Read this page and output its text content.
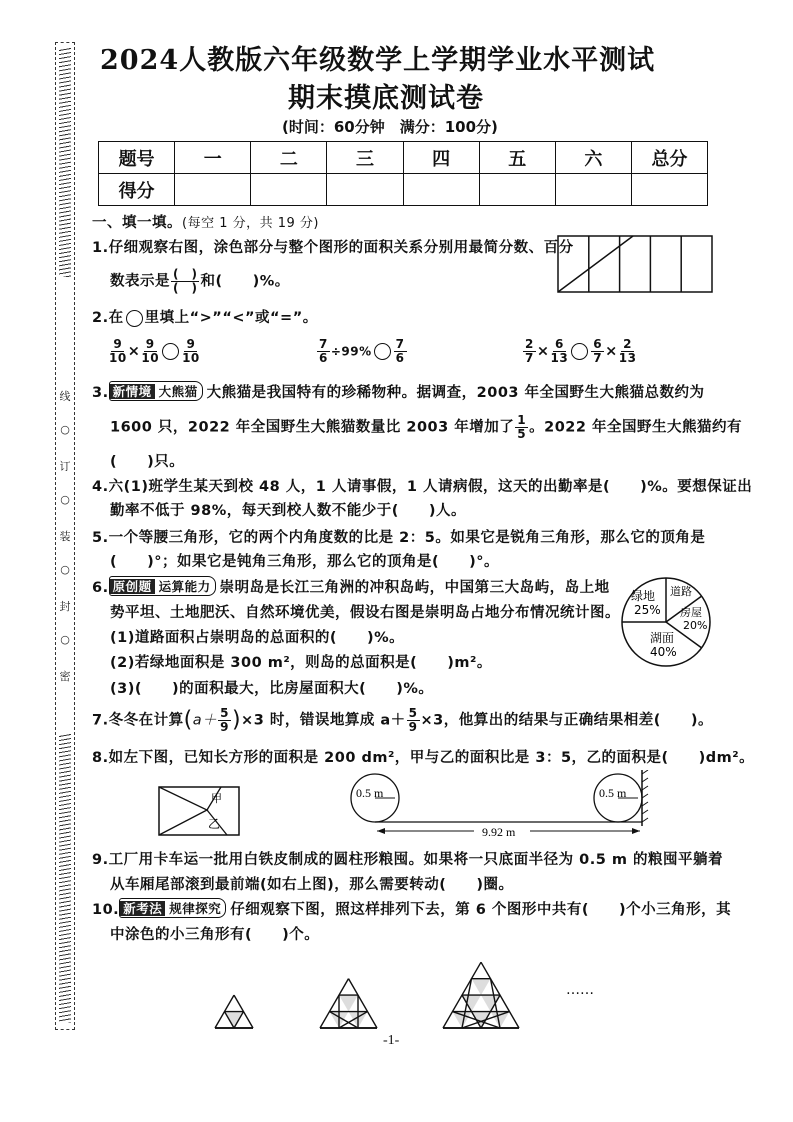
线
○
订
○
装
○
封
○
密
2024人教版六年级数学上学期学业水平测试
期末摸底测试卷
(时间：60分钟　满分：100分)
题号	一	二	三	四	五	六	总分
得分							
一、填一填。(每空 1 分，共 19 分)
1.仔细观察右图，涂色部分与整个图形的面积关系分别用最简分数、百分
数表示是 $\frac{( )}{( )}$ 和(　　)%。
2.在 里填上“>”“<”或“=”。
$\frac{9}{10} \times \frac{9}{10} \frac{9}{10}$	$\frac{7}{6} \div 99\% \frac{7}{6}$	$\frac{2}{7} \times \frac{6}{13} \frac{6}{7} \times \frac{2}{13}$
3. 新情境 大熊猫 大熊猫是我国特有的珍稀物种。据调查，2003 年全国野生大熊猫总数约为
1600 只，2022 年全国野生大熊猫数量比 2003 年增加了 $\frac{1}{5}$ 。2022 年全国野生大熊猫约有
(　　)只。
4.六(1)班学生某天到校 48 人，1 人请事假，1 人请病假，这天的出勤率是(　　)%。要想保证出
勤率不低于 98%，每天到校人数不能少于(　　)人。
5.一个等腰三角形，它的两个内角度数的比是 2：5。如果它是锐角三角形，那么它的顶角是
(　　)°；如果它是钝角三角形，那么它的顶角是(　　)°。
6. 原创题 运算能力 崇明岛是长江三角洲的冲积岛屿，中国第三大岛屿，岛上地
势平坦、土地肥沃、自然环境优美，假设右图是崇明岛占地分布情况统计图。
(1)道路面积占崇明岛的总面积的(　　)%。
(2)若绿地面积是 300 m²，则岛的总面积是(　　)m²。
(3)(　　)的面积最大，比房屋面积大(　　)%。
绿地
25%
道路
房屋
20%
湖面
40%
7.冬冬在计算$(a+ \frac{5}{9} )\times 3$ 时，错误地算成 $a+ \frac{5}{9} \times 3$，他算出的结果与正确结果相差(　　)。
8.如左下图，已知长方形的面积是 200 dm²，甲与乙的面积比是 3：5，乙的面积是(　　)dm²。
甲
乙
0.5 m	0.5 m
9.92 m
9.工厂用卡车运一批用白铁皮制成的圆柱形粮囤。如果将一只底面半径为 0.5 m 的粮囤平躺着
从车厢尾部滚到最前端(如右上图)，那么需要转动(　　)圈。
10. 新考法 规律探究 仔细观察下图，照这样排列下去，第 6 个图形中共有(　　)个小三角形，其
中涂色的小三角形有(　　)个。
……
-1-
